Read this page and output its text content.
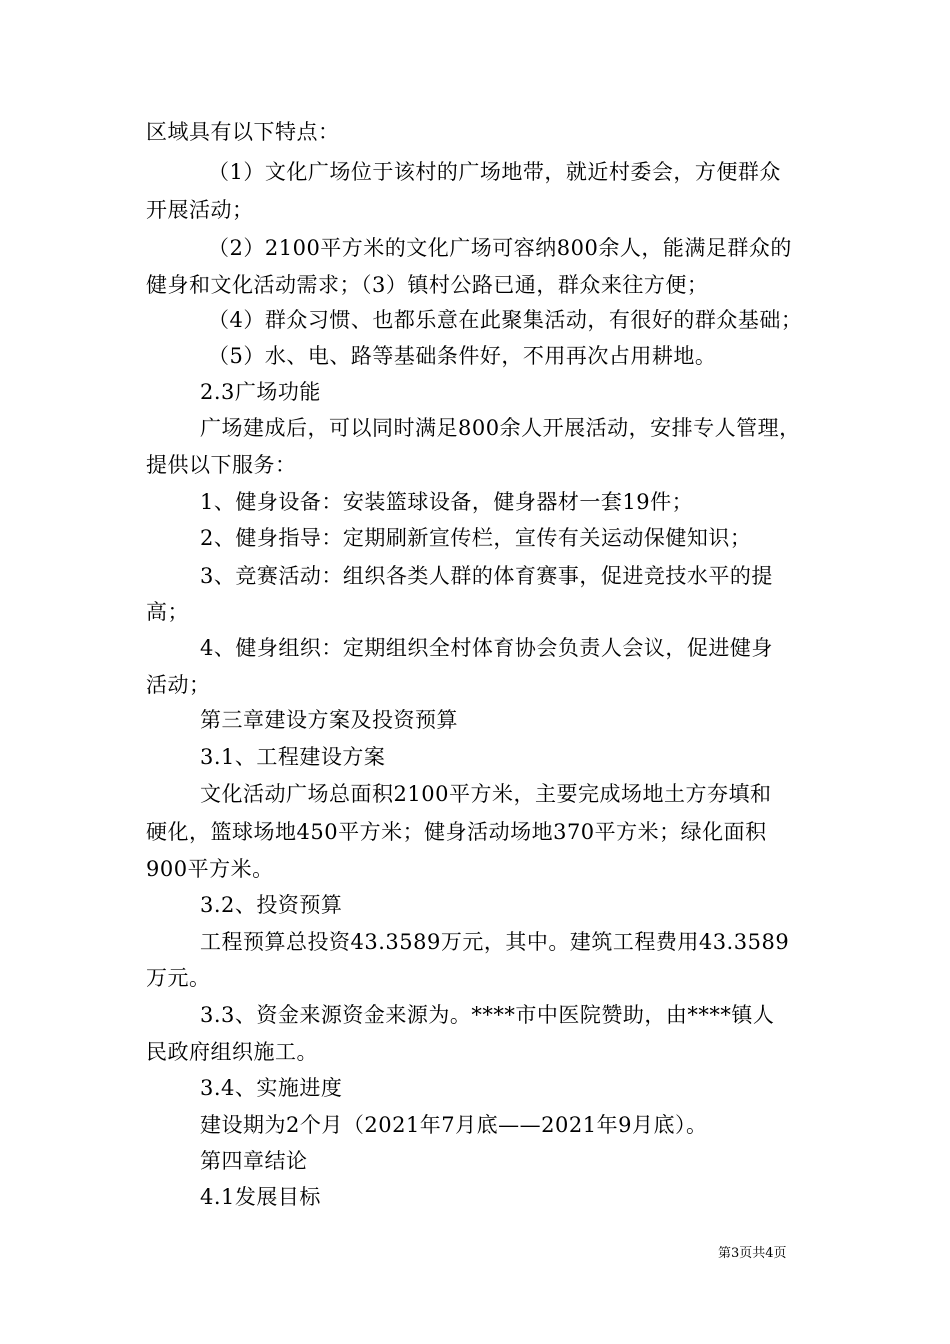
区域具有以下特点：
（1）文化广场位于该村的广场地带，就近村委会，方便群众
开展活动；
（2）2100平方米的文化广场可容纳800余人，能满足群众的
健身和文化活动需求；（3）镇村公路已通，群众来往方便；
（4）群众习惯、也都乐意在此聚集活动，有很好的群众基础；
（5）水、电、路等基础条件好，不用再次占用耕地。
2.3广场功能
广场建成后，可以同时满足800余人开展活动，安排专人管理，
提供以下服务：
1、健身设备：安装篮球设备，健身器材一套19件；
2、健身指导：定期刷新宣传栏，宣传有关运动保健知识；
3、竞赛活动：组织各类人群的体育赛事，促进竞技水平的提
高；
4、健身组织：定期组织全村体育协会负责人会议，促进健身
活动；
第三章建设方案及投资预算
3.1、工程建设方案
文化活动广场总面积2100平方米，主要完成场地土方夯填和
硬化，篮球场地450平方米；健身活动场地370平方米；绿化面积
900平方米。
3.2、投资预算
工程预算总投资43.3589万元，其中。建筑工程费用43.3589
万元。
3.3、资金来源资金来源为。****市中医院赞助，由****镇人
民政府组织施工。
3.4、实施进度
建设期为2个月（2021年7月底——2021年9月底）。
第四章结论
4.1发展目标
第3页共4页
